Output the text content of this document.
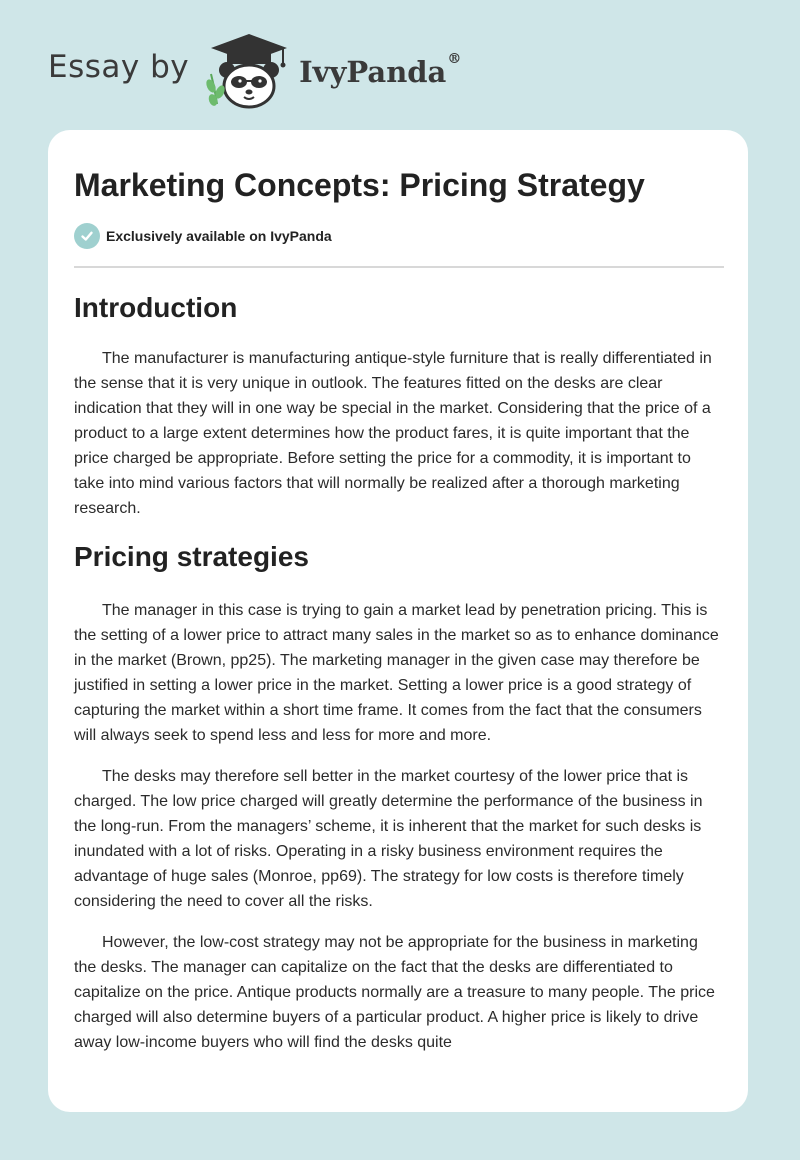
Essay by	IvyPanda®
Marketing Concepts: Pricing Strategy
Exclusively available on IvyPanda
Introduction

The manufacturer is manufacturing antique-style furniture that is really differentiated in the sense that it is very unique in outlook. The features fitted on the desks are clear indication that they will in one way be special in the market. Considering that the price of a product to a large extent determines how the product fares, it is quite important that the price charged be appropriate. Before setting the price for a commodity, it is important to take into mind various factors that will normally be realized after a thorough marketing research.

Pricing strategies

The manager in this case is trying to gain a market lead by penetration pricing. This is the setting of a lower price to attract many sales in the market so as to enhance dominance in the market (Brown, pp25). The marketing manager in the given case may therefore be justified in setting a lower price in the market. Setting a lower price is a good strategy of capturing the market within a short time frame. It comes from the fact that the consumers will always seek to spend less and less for more and more.

The desks may therefore sell better in the market courtesy of the lower price that is charged. The low price charged will greatly determine the performance of the business in the long-run. From the managers’ scheme, it is inherent that the market for such desks is inundated with a lot of risks. Operating in a risky business environment requires the advantage of huge sales (Monroe, pp69). The strategy for low costs is therefore timely considering the need to cover all the risks.

However, the low-cost strategy may not be appropriate for the business in marketing the desks. The manager can capitalize on the fact that the desks are differentiated to capitalize on the price. Antique products normally are a treasure to many people. The price charged will also determine buyers of a particular product. A higher price is likely to drive away low-income buyers who will find the desks quite
